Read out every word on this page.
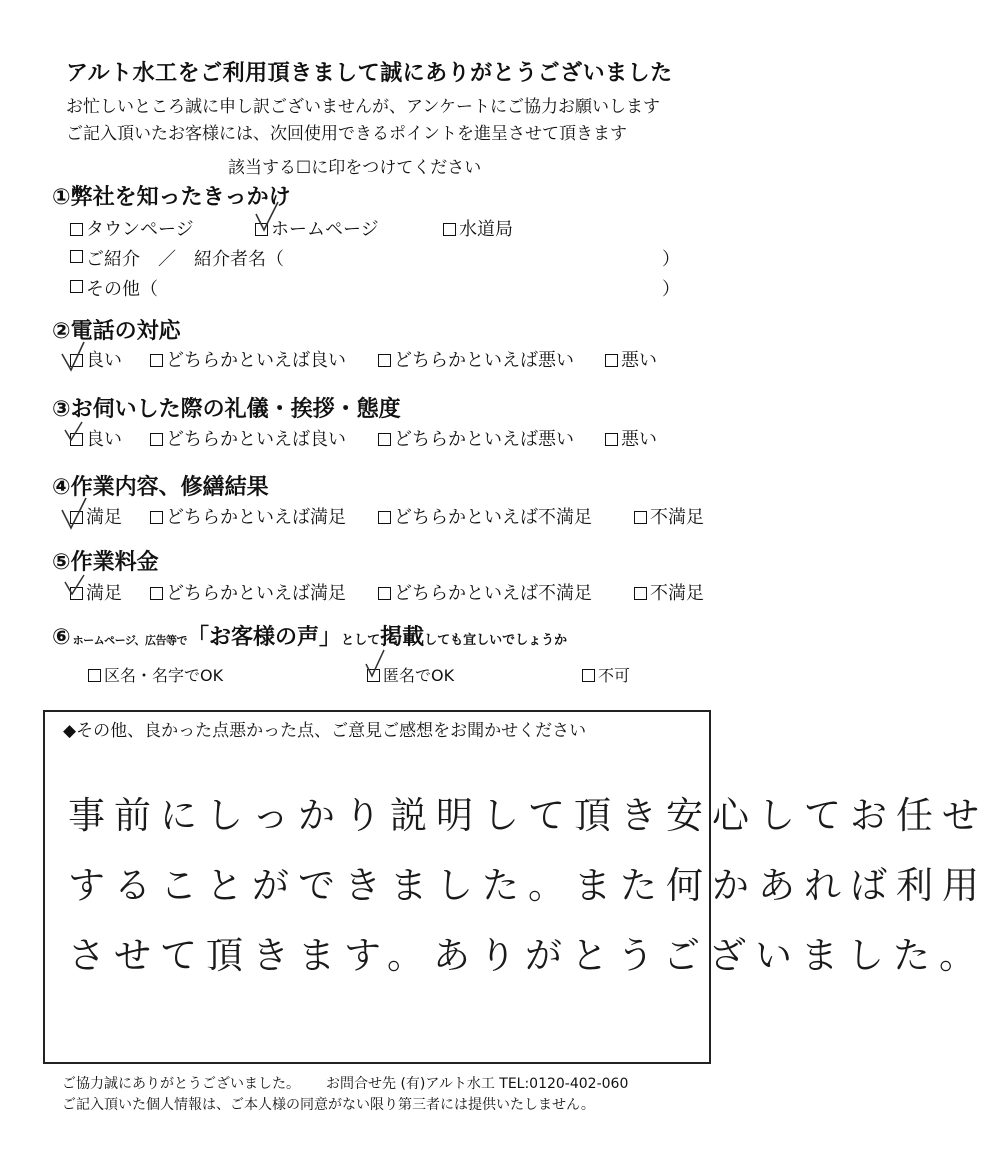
アルト水工をご利用頂きまして誠にありがとうございました
お忙しいところ誠に申し訳ございませんが、アンケートにご協力お願いします
ご記入頂いたお客様には、次回使用できるポイントを進呈させて頂きます
該当する☐に印をつけてください
①弊社を知ったきっかけ
タウンページ	ホームページ	水道局
ご紹介　／　紹介者名（	）
その他（	）
②電話の対応
良い どちらかといえば良い	どちらかといえば悪い	悪い
③お伺いした際の礼儀・挨拶・態度
良い どちらかといえば良い	どちらかといえば悪い	悪い
④作業内容、修繕結果
満足 どちらかといえば満足	どちらかといえば不満足	不満足
⑤作業料金
満足 どちらかといえば満足	どちらかといえば不満足	不満足
⑥ ホームページ、広告等で 「お客様の声」 として 掲載 しても宜しいでしょうか
区名・名字でOK	匿名でOK	不可
◆その他、良かった点悪かった点、ご意見ご感想をお聞かせください
事前にしっかり説明して頂き安心してお任せ
することができました。また何かあれば利用
させて頂きます。ありがとうございました。
ご協力誠にありがとうございました。 お問合せ先 (有)アルト水工 TEL:0120-402-060
ご記入頂いた個人情報は、ご本人様の同意がない限り第三者には提供いたしません。
